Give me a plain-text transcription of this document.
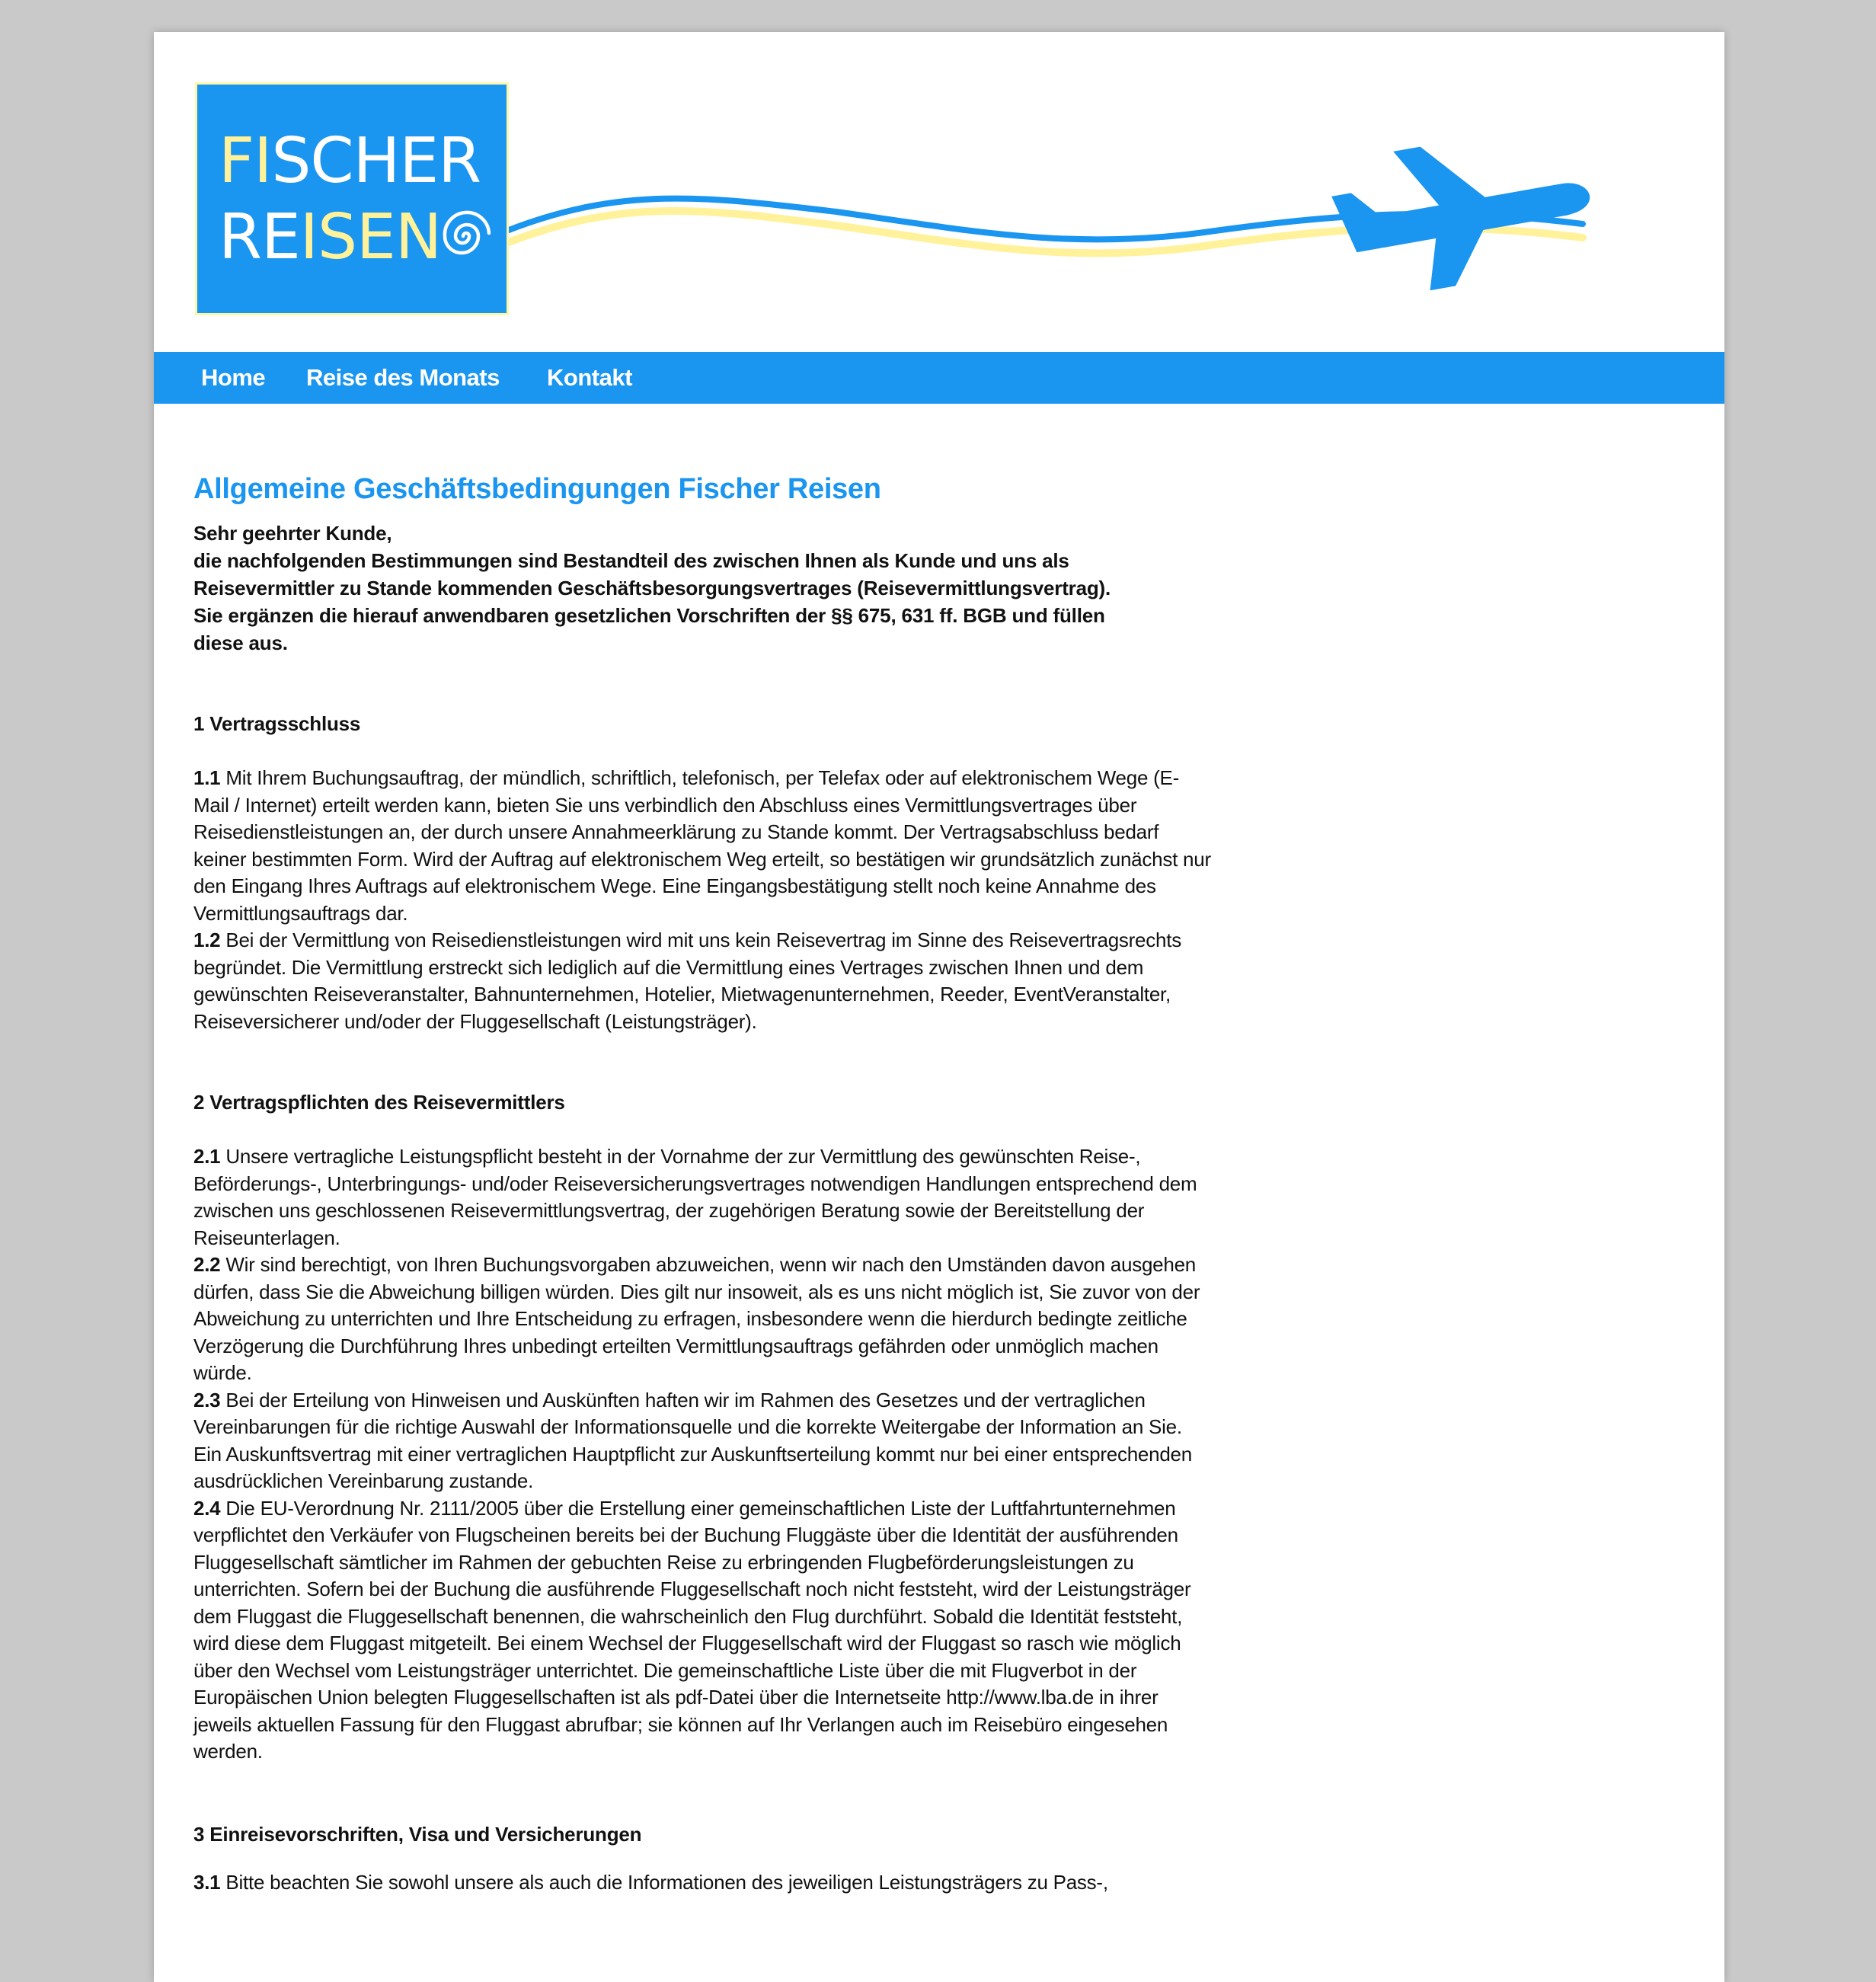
FISCHER
REISEN
Home Reise des Monats Kontakt
Allgemeine Geschäftsbedingungen Fischer Reisen
Sehr geehrter Kunde,
die nachfolgenden Bestimmungen sind Bestandteil des zwischen Ihnen als Kunde und uns als
Reisevermittler zu Stande kommenden Geschäftsbesorgungsvertrages (Reisevermittlungsvertrag).
Sie ergänzen die hierauf anwendbaren gesetzlichen Vorschriften der §§ 675, 631 ff. BGB und füllen
diese aus.
1 Vertragsschluss

1.1 Mit Ihrem Buchungsauftrag, der mündlich, schriftlich, telefonisch, per Telefax oder auf elektronischem Wege (E-Mail / Internet) erteilt werden kann, bieten Sie uns verbindlich den Abschluss eines Vermittlungsvertrages über Reisedienstleistungen an, der durch unsere Annahmeerklärung zu Stande kommt. Der Vertragsabschluss bedarf keiner bestimmten Form. Wird der Auftrag auf elektronischem Weg erteilt, so bestätigen wir grundsätzlich zunächst nur den Eingang Ihres Auftrags auf elektronischem Wege. Eine Eingangsbestätigung stellt noch keine Annahme des Vermittlungsauftrags dar.

1.2 Bei der Vermittlung von Reisedienstleistungen wird mit uns kein Reisevertrag im Sinne des Reisevertragsrechts begründet. Die Vermittlung erstreckt sich lediglich auf die Vermittlung eines Vertrages zwischen Ihnen und dem gewünschten Reiseveranstalter, Bahnunternehmen, Hotelier, Mietwagenunternehmen, Reeder, EventVeranstalter, Reiseversicherer und/oder der Fluggesellschaft (Leistungsträger).

2 Vertragspflichten des Reisevermittlers

2.1 Unsere vertragliche Leistungspflicht besteht in der Vornahme der zur Vermittlung des gewünschten Reise-, Beförderungs-, Unterbringungs- und/oder Reiseversicherungsvertrages notwendigen Handlungen entsprechend dem zwischen uns geschlossenen Reisevermittlungsvertrag, der zugehörigen Beratung sowie der Bereitstellung der Reiseunterlagen.

2.2 Wir sind berechtigt, von Ihren Buchungsvorgaben abzuweichen, wenn wir nach den Umständen davon ausgehen dürfen, dass Sie die Abweichung billigen würden. Dies gilt nur insoweit, als es uns nicht möglich ist, Sie zuvor von der Abweichung zu unterrichten und Ihre Entscheidung zu erfragen, insbesondere wenn die hierdurch bedingte zeitliche Verzögerung die Durchführung Ihres unbedingt erteilten Vermittlungsauftrags gefährden oder unmöglich machen würde.

2.3 Bei der Erteilung von Hinweisen und Auskünften haften wir im Rahmen des Gesetzes und der vertraglichen Vereinbarungen für die richtige Auswahl der Informationsquelle und die korrekte Weitergabe der Information an Sie. Ein Auskunftsvertrag mit einer vertraglichen Hauptpflicht zur Auskunftserteilung kommt nur bei einer entsprechenden ausdrücklichen Vereinbarung zustande.

2.4 Die EU-Verordnung Nr. 2111/2005 über die Erstellung einer gemeinschaftlichen Liste der Luftfahrtunternehmen verpflichtet den Verkäufer von Flugscheinen bereits bei der Buchung Fluggäste über die Identität der ausführenden Fluggesellschaft sämtlicher im Rahmen der gebuchten Reise zu erbringenden Flugbeförderungsleistungen zu unterrichten. Sofern bei der Buchung die ausführende Fluggesellschaft noch nicht feststeht, wird der Leistungsträger dem Fluggast die Fluggesellschaft benennen, die wahrscheinlich den Flug durchführt. Sobald die Identität feststeht, wird diese dem Fluggast mitgeteilt. Bei einem Wechsel der Fluggesellschaft wird der Fluggast so rasch wie möglich über den Wechsel vom Leistungsträger unterrichtet. Die gemeinschaftliche Liste über die mit Flugverbot in der Europäischen Union belegten Fluggesellschaften ist als pdf-Datei über die Internetseite http://www.lba.de in ihrer jeweils aktuellen Fassung für den Fluggast abrufbar; sie können auf Ihr Verlangen auch im Reisebüro eingesehen werden.

3 Einreisevorschriften, Visa und Versicherungen

3.1 Bitte beachten Sie sowohl unsere als auch die Informationen des jeweiligen Leistungsträgers zu Pass-,
